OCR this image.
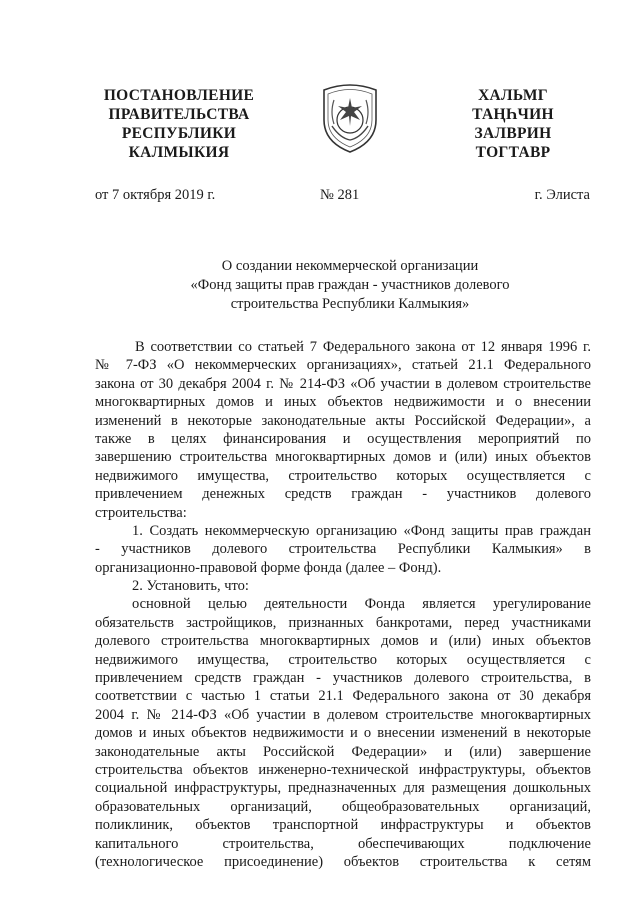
ПОСТАНОВЛЕНИЕ
ПРАВИТЕЛЬСТВА
РЕСПУБЛИКИ
КАЛМЫКИЯ
ХАЛЬМГ
ТАҢҺЧИН
ЗАЛВРИН
ТОГТАВР
от 7 октября 2019 г.	№ 281	г. Элиста
О создании некоммерческой организации
«Фонд защиты прав граждан - участников долевого
строительства Республики Калмыкия»
В соответствии со статьей 7 Федерального закона от 12 января 1996 г.
№ 7-ФЗ «О некоммерческих организациях», статьей 21.1 Федерального
закона от 30 декабря 2004 г. № 214-ФЗ «Об участии в долевом строительстве
многоквартирных домов и иных объектов недвижимости и о внесении
изменений в некоторые законодательные акты Российской Федерации», а
также в целях финансирования и осуществления мероприятий по
завершению строительства многоквартирных домов и (или) иных объектов
недвижимого имущества, строительство которых осуществляется с
привлечением денежных средств граждан - участников долевого
строительства:
1. Создать некоммерческую организацию «Фонд защиты прав граждан
- участников долевого строительства Республики Калмыкия» в
организационно-правовой форме фонда (далее – Фонд).
2. Установить, что:
основной целью деятельности Фонда является урегулирование
обязательств застройщиков, признанных банкротами, перед участниками
долевого строительства многоквартирных домов и (или) иных объектов
недвижимого имущества, строительство которых осуществляется с
привлечением средств граждан - участников долевого строительства, в
соответствии с частью 1 статьи 21.1 Федерального закона от 30 декабря
2004 г. № 214-ФЗ «Об участии в долевом строительстве многоквартирных
домов и иных объектов недвижимости и о внесении изменений в некоторые
законодательные акты Российской Федерации» и (или) завершение
строительства объектов инженерно-технической инфраструктуры, объектов
социальной инфраструктуры, предназначенных для размещения дошкольных
образовательных организаций, общеобразовательных организаций,
поликлиник, объектов транспортной инфраструктуры и объектов
капитального строительства, обеспечивающих подключение
(технологическое присоединение) объектов строительства к сетям
